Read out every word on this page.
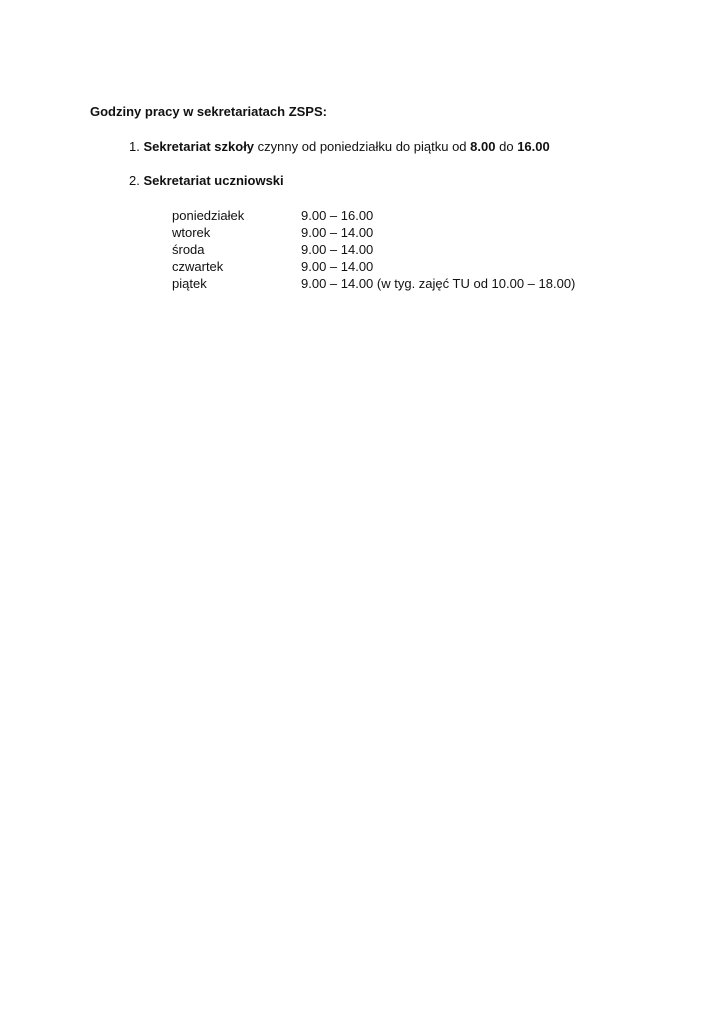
Godziny pracy w sekretariatach ZSPS:
1. Sekretariat szkoły czynny od poniedziałku do piątku od 8.00 do 16.00
2. Sekretariat uczniowski
poniedziałek	9.00 – 16.00
wtorek	9.00 – 14.00
środa	9.00 – 14.00
czwartek	9.00 – 14.00
piątek	9.00 – 14.00 (w tyg. zajęć TU od 10.00 – 18.00)
